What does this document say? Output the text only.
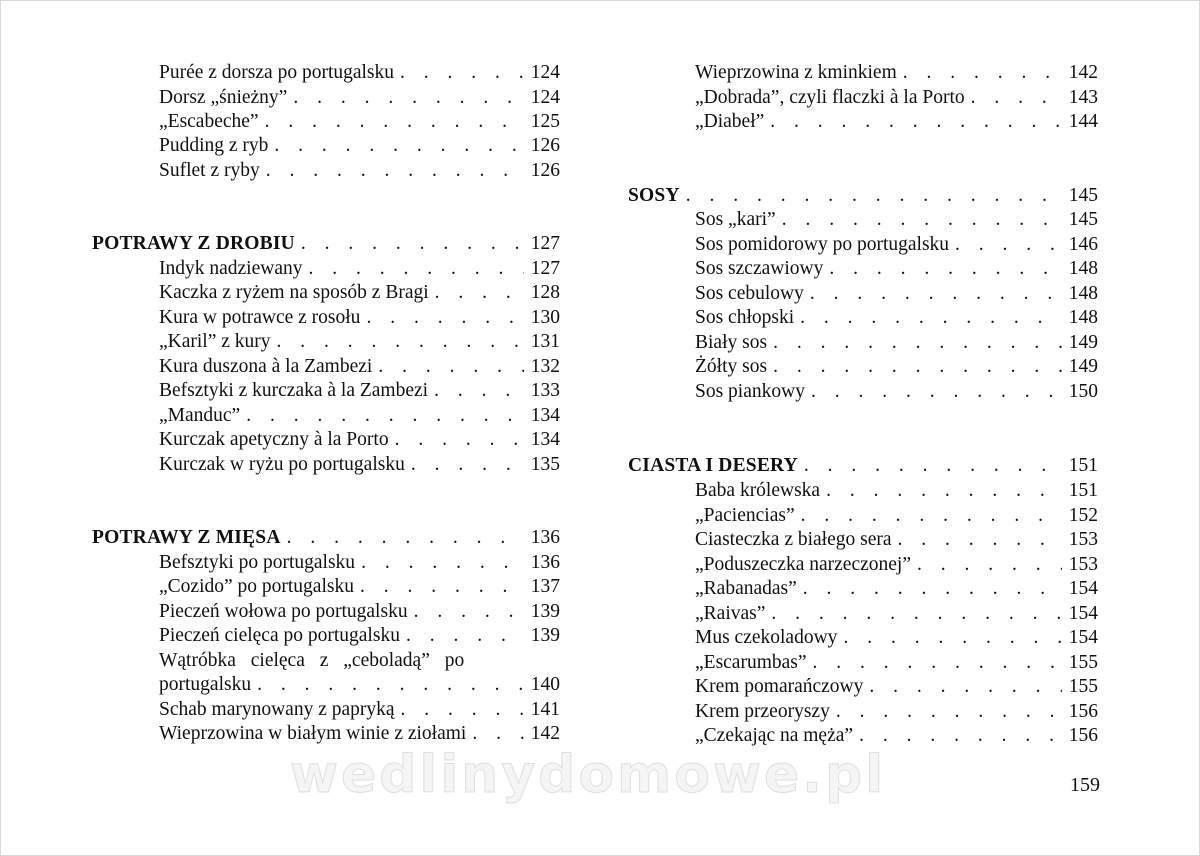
Purée z dorsza po portugalsku . . .	124
Dorsz „śnieżny” . . .	124
„Escabeche” . . .	125
Pudding z ryb . . .	126
Suflet z ryby . . .	126
POTRAWY Z DROBIU . . .	127
Indyk nadziewany . . .	127
Kaczka z ryżem na sposób z Bragi . . .	128
Kura w potrawce z rosołu . . .	130
„Karil” z kury . . .	131
Kura duszona à la Zambezi . . .	132
Befsztyki z kurczaka à la Zambezi . . .	133
„Manduc” . . .	134
Kurczak apetyczny à la Porto . . .	134
Kurczak w ryżu po portugalsku . . .	135
POTRAWY Z MIĘSA . . .	136
Befsztyki po portugalsku . . .	136
„Cozido” po portugalsku . . .	137
Pieczeń wołowa po portugalsku . . .	139
Pieczeń cielęca po portugalsku . . .	139
Wątróbka cielęca z „ceboladą” po
portugalsku . . .	140
Schab marynowany z papryką . . .	141
Wieprzowina w białym winie z ziołami . . .	142
Wieprzowina z kminkiem . . .	142
„Dobrada”, czyli flaczki à la Porto . . .	143
„Diabeł” . . .	144
SOSY . . .	145
Sos „kari” . . .	145
Sos pomidorowy po portugalsku . . .	146
Sos szczawiowy . . .	148
Sos cebulowy . . .	148
Sos chłopski . . .	148
Biały sos . . .	149
Żółty sos . . .	149
Sos piankowy . . .	150
CIASTA I DESERY . . .	151
Baba królewska . . .	151
„Paciencias” . . .	152
Ciasteczka z białego sera . . .	153
„Poduszeczka narzeczonej” . . .	153
„Rabanadas” . . .	154
„Raivas” . . .	154
Mus czekoladowy . . .	154
„Escarumbas” . . .	155
Krem pomarańczowy . . .	155
Krem przeoryszy . . .	156
„Czekając na męża” . . .	156
wedlinydomowe.pl	159
